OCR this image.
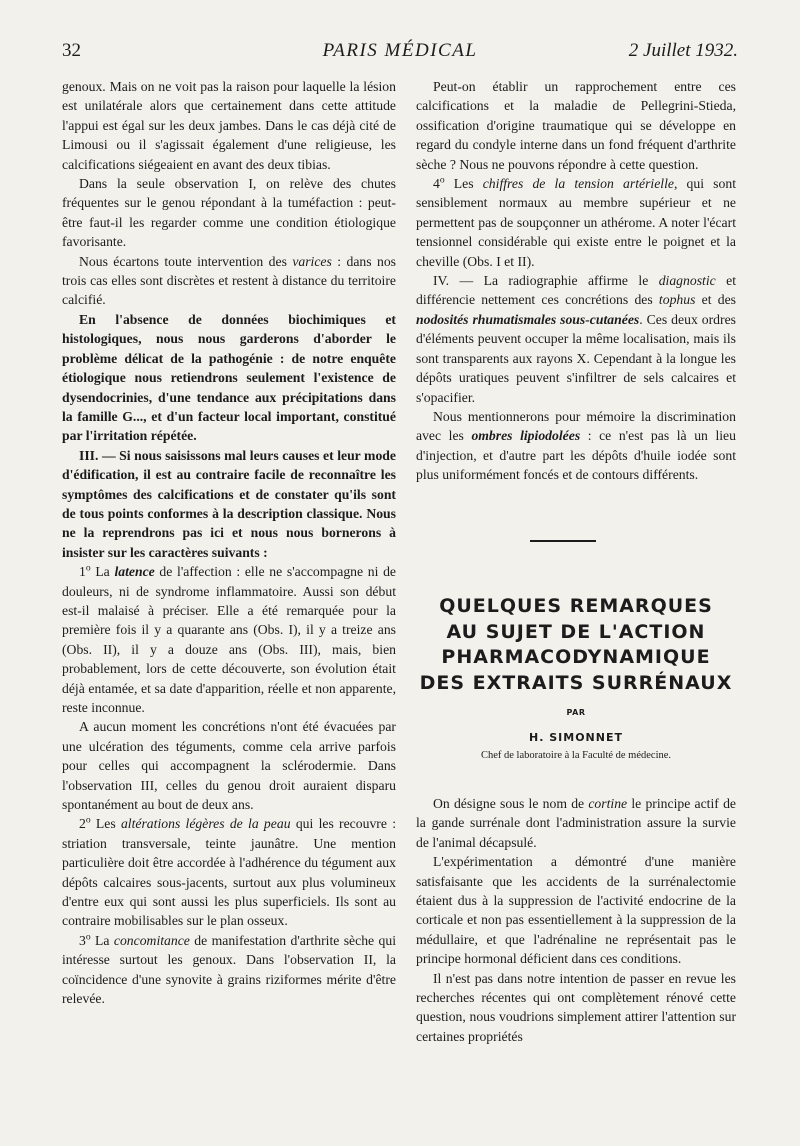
32	PARIS MÉDICAL	2 Juillet 1932.

genoux. Mais on ne voit pas la raison pour laquelle la lésion est unilatérale alors que certainement dans cette attitude l'appui est égal sur les deux jambes. Dans le cas déjà cité de Limousi ou il s'agissait également d'une religieuse, les calcifications siégeaient en avant des deux tibias.

Dans la seule observation I, on relève des chutes fréquentes sur le genou répondant à la tuméfaction : peut-être faut-il les regarder comme une condition étiologique favorisante.

Nous écartons toute intervention des varices : dans nos trois cas elles sont discrètes et restent à distance du territoire calcifié.

En l'absence de données biochimiques et histologiques, nous nous garderons d'aborder le problème délicat de la pathogénie : de notre enquête étiologique nous retiendrons seulement l'existence de dysendocrinies, d'une tendance aux précipitations dans la famille G..., et d'un facteur local important, constitué par l'irritation répétée.

III. — Si nous saisissons mal leurs causes et leur mode d'édification, il est au contraire facile de reconnaître les symptômes des calcifications et de constater qu'ils sont de tous points conformes à la description classique. Nous ne la reprendrons pas ici et nous nous bornerons à insister sur les caractères suivants :

1$^o$ La latence de l'affection : elle ne s'accompagne ni de douleurs, ni de syndrome inflammatoire. Aussi son début est-il malaisé à préciser. Elle a été remarquée pour la première fois il y a quarante ans (Obs. I), il y a treize ans (Obs. II), il y a douze ans (Obs. III), mais, bien probablement, lors de cette découverte, son évolution était déjà entamée, et sa date d'apparition, réelle et non apparente, reste inconnue.

A aucun moment les concrétions n'ont été évacuées par une ulcération des téguments, comme cela arrive parfois pour celles qui accompagnent la sclérodermie. Dans l'observation III, celles du genou droit auraient disparu spontanément au bout de deux ans.

2$^o$ Les altérations légères de la peau qui les recouvre : striation transversale, teinte jaunâtre. Une mention particulière doit être accordée à l'adhérence du tégument aux dépôts calcaires sous-jacents, surtout aux plus volumineux d'entre eux qui sont aussi les plus superficiels. Ils sont au contraire mobilisables sur le plan osseux.

3$^o$ La concomitance de manifestation d'arthrite sèche qui intéresse surtout les genoux. Dans l'observation II, la coïncidence d'une synovite à grains riziformes mérite d'être relevée.

Peut-on établir un rapprochement entre ces calcifications et la maladie de Pellegrini-Stieda, ossification d'origine traumatique qui se développe en regard du condyle interne dans un fond fréquent d'arthrite sèche ? Nous ne pouvons répondre à cette question.

4$^o$ Les chiffres de la tension artérielle, qui sont sensiblement normaux au membre supérieur et ne permettent pas de soupçonner un athérome. A noter l'écart tensionnel considérable qui existe entre le poignet et la cheville (Obs. I et II).

IV. — La radiographie affirme le diagnostic et différencie nettement ces concrétions des tophus et des nodosités rhumatismales sous-cutanées. Ces deux ordres d'éléments peuvent occuper la même localisation, mais ils sont transparents aux rayons X. Cependant à la longue les dépôts uratiques peuvent s'infiltrer de sels calcaires et s'opacifier.

Nous mentionnerons pour mémoire la discrimination avec les ombres lipiodolées : ce n'est pas là un lieu d'injection, et d'autre part les dépôts d'huile iodée sont plus uniformément foncés et de contours différents.

QUELQUES REMARQUES
AU SUJET DE L'ACTION
PHARMACODYNAMIQUE
DES EXTRAITS SURRÉNAUX
PAR
H. SIMONNET
Chef de laboratoire à la Faculté de médecine.

On désigne sous le nom de cortine le principe actif de la gande surrénale dont l'administration assure la survie de l'animal décapsulé.

L'expérimentation a démontré d'une manière satisfaisante que les accidents de la surrénalectomie étaient dus à la suppression de l'activité endocrine de la corticale et non pas essentiellement à la suppression de la médullaire, et que l'adrénaline ne représentait pas le principe hormonal déficient dans ces conditions.

Il n'est pas dans notre intention de passer en revue les recherches récentes qui ont complètement rénové cette question, nous voudrions simplement attirer l'attention sur certaines propriétés
